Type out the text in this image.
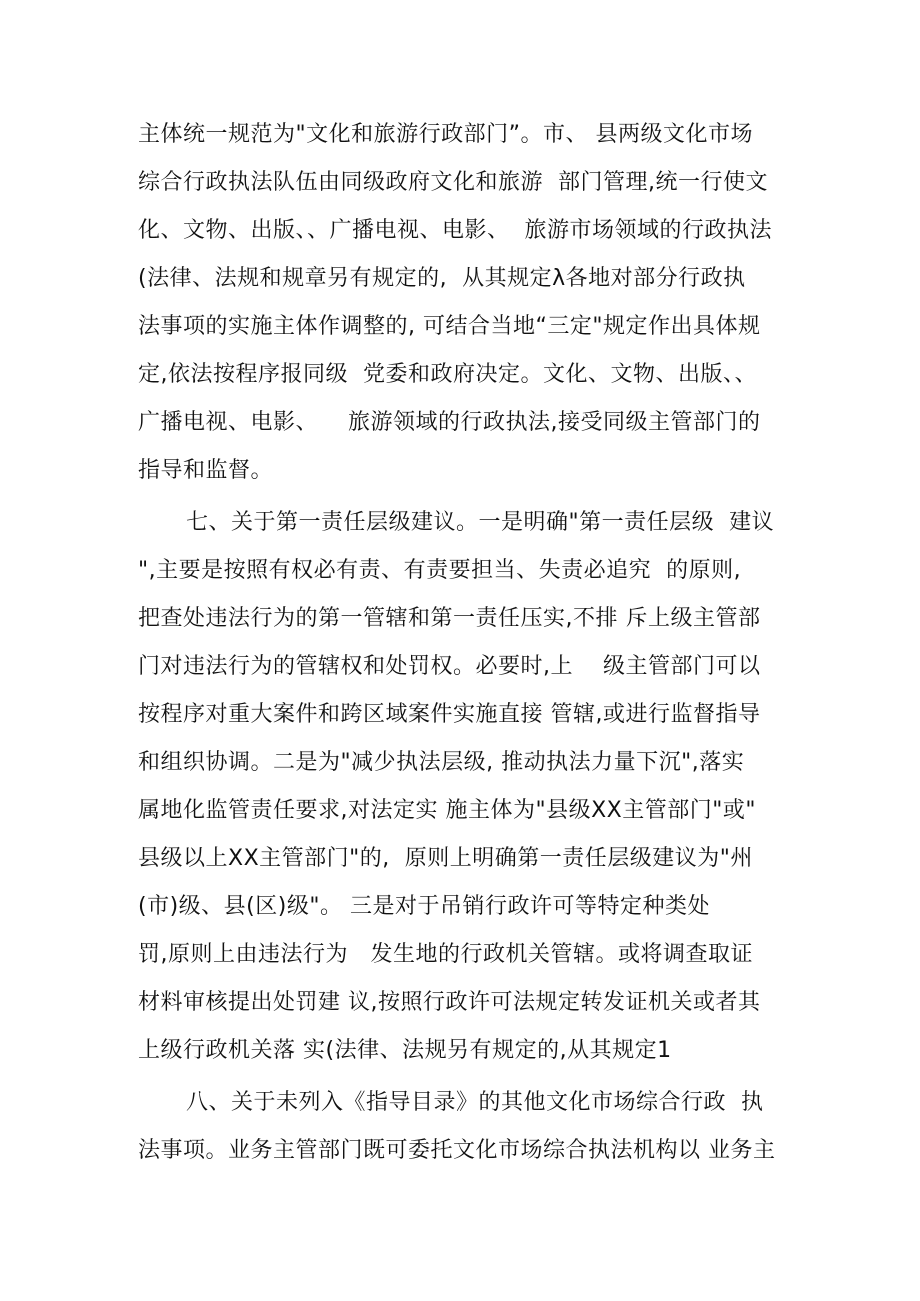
主体统一规范为"文化和旅游行政部门”。市、 县两级文化市场
综合行政执法队伍由同级政府文化和旅游  部门管理,统一行使文
化、文物、出版、、广播电视、电影、  旅游市场领域的行政执法
(法律、法规和规章另有规定的,  从其规定λ各地对部分行政执
法事项的实施主体作调整的, 可结合当地“三定"规定作出具体规
定,依法按程序报同级  党委和政府决定。文化、文物、出版、、
广播电视、电影、    旅游领域的行政执法,接受同级主管部门的
指导和监督。
七、关于第一责任层级建议。一是明确"第一责任层级  建议
",主要是按照有权必有责、有责要担当、失责必追究  的原则,
把查处违法行为的第一管辖和第一责任压实,不排 斥上级主管部
门对违法行为的管辖权和处罚权。必要时,上    级主管部门可以
按程序对重大案件和跨区域案件实施直接 管辖,或进行监督指导
和组织协调。二是为"减少执法层级, 推动执法力量下沉",落实
属地化监管责任要求,对法定实 施主体为"县级XX主管部门"或"
县级以上XX主管部门"的,  原则上明确第一责任层级建议为"州
(市)级、县(区)级"。 三是对于吊销行政许可等特定种类处
罚,原则上由违法行为   发生地的行政机关管辖。或将调查取证
材料审核提出处罚建 议,按照行政许可法规定转发证机关或者其
上级行政机关落 实(法律、法规另有规定的,从其规定1
八、关于未列入《指导目录》的其他文化市场综合行政  执
法事项。业务主管部门既可委托文化市场综合执法机构以 业务主
